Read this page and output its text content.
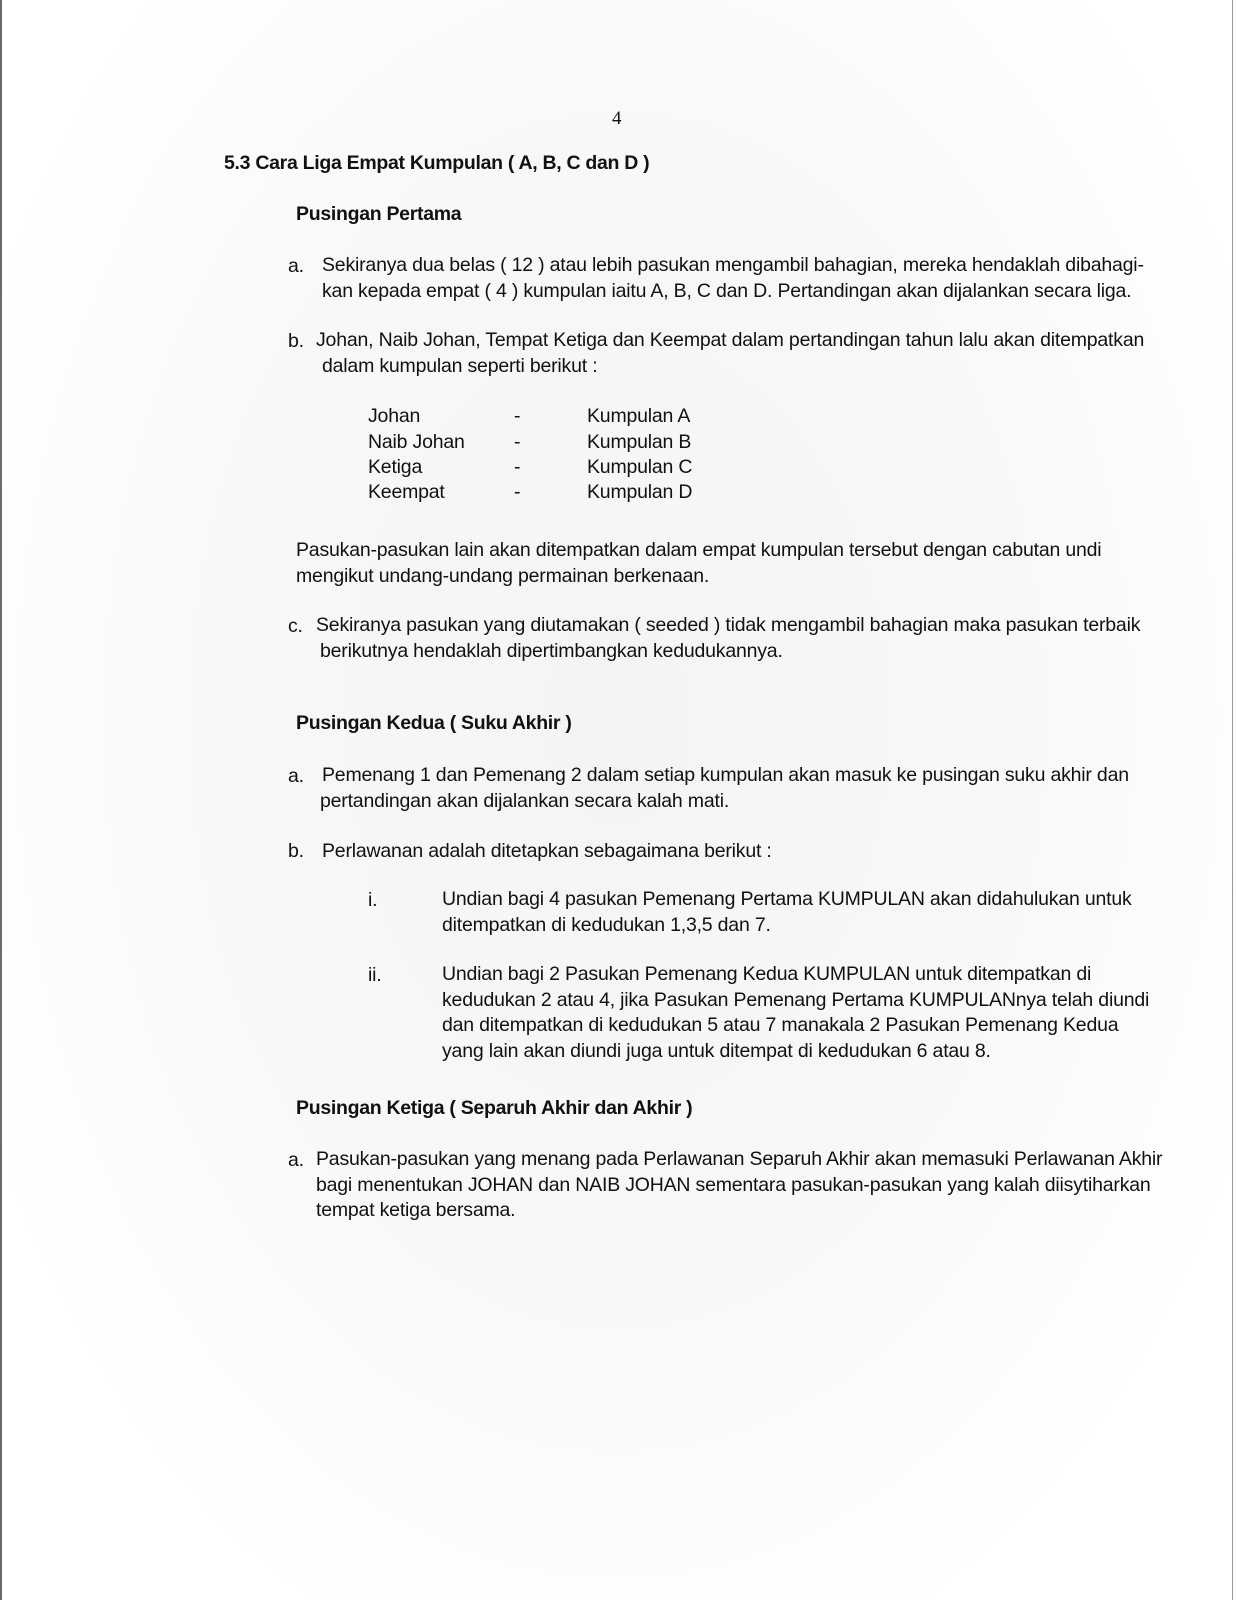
4
5.3 Cara Liga Empat Kumpulan ( A, B, C dan D )
Pusingan Pertama
a. Sekiranya dua belas ( 12 ) atau lebih pasukan mengambil bahagian, mereka hendaklah dibahagi-
kan kepada empat ( 4 ) kumpulan iaitu A, B, C dan D. Pertandingan akan dijalankan secara liga.
b. Johan, Naib Johan, Tempat Ketiga dan Keempat dalam pertandingan tahun lalu akan ditempatkan
dalam kumpulan seperti berikut :
Johan	-	Kumpulan A
Naib Johan	-	Kumpulan B
Ketiga	-	Kumpulan C
Keempat	-	Kumpulan D
Pasukan-pasukan lain akan ditempatkan dalam empat kumpulan tersebut dengan cabutan undi
mengikut undang-undang permainan berkenaan.
c. Sekiranya pasukan yang diutamakan ( seeded ) tidak mengambil bahagian maka pasukan terbaik
berikutnya hendaklah dipertimbangkan kedudukannya.
Pusingan Kedua ( Suku Akhir )
a. Pemenang 1 dan Pemenang 2 dalam setiap kumpulan akan masuk ke pusingan suku akhir dan
pertandingan akan dijalankan secara kalah mati.
b. Perlawanan adalah ditetapkan sebagaimana berikut :
i.	Undian bagi 4 pasukan Pemenang Pertama KUMPULAN akan didahulukan untuk
ditempatkan di kedudukan 1,3,5 dan 7.
ii.	Undian bagi 2 Pasukan Pemenang Kedua KUMPULAN untuk ditempatkan di
kedudukan 2 atau 4, jika Pasukan Pemenang Pertama KUMPULANnya telah diundi
dan ditempatkan di kedudukan 5 atau 7 manakala 2 Pasukan Pemenang Kedua
yang lain akan diundi juga untuk ditempat di kedudukan 6 atau 8.
Pusingan Ketiga ( Separuh Akhir dan Akhir )
a. Pasukan-pasukan yang menang pada Perlawanan Separuh Akhir akan memasuki Perlawanan Akhir
bagi menentukan JOHAN dan NAIB JOHAN sementara pasukan-pasukan yang kalah diisytiharkan
tempat ketiga bersama.
